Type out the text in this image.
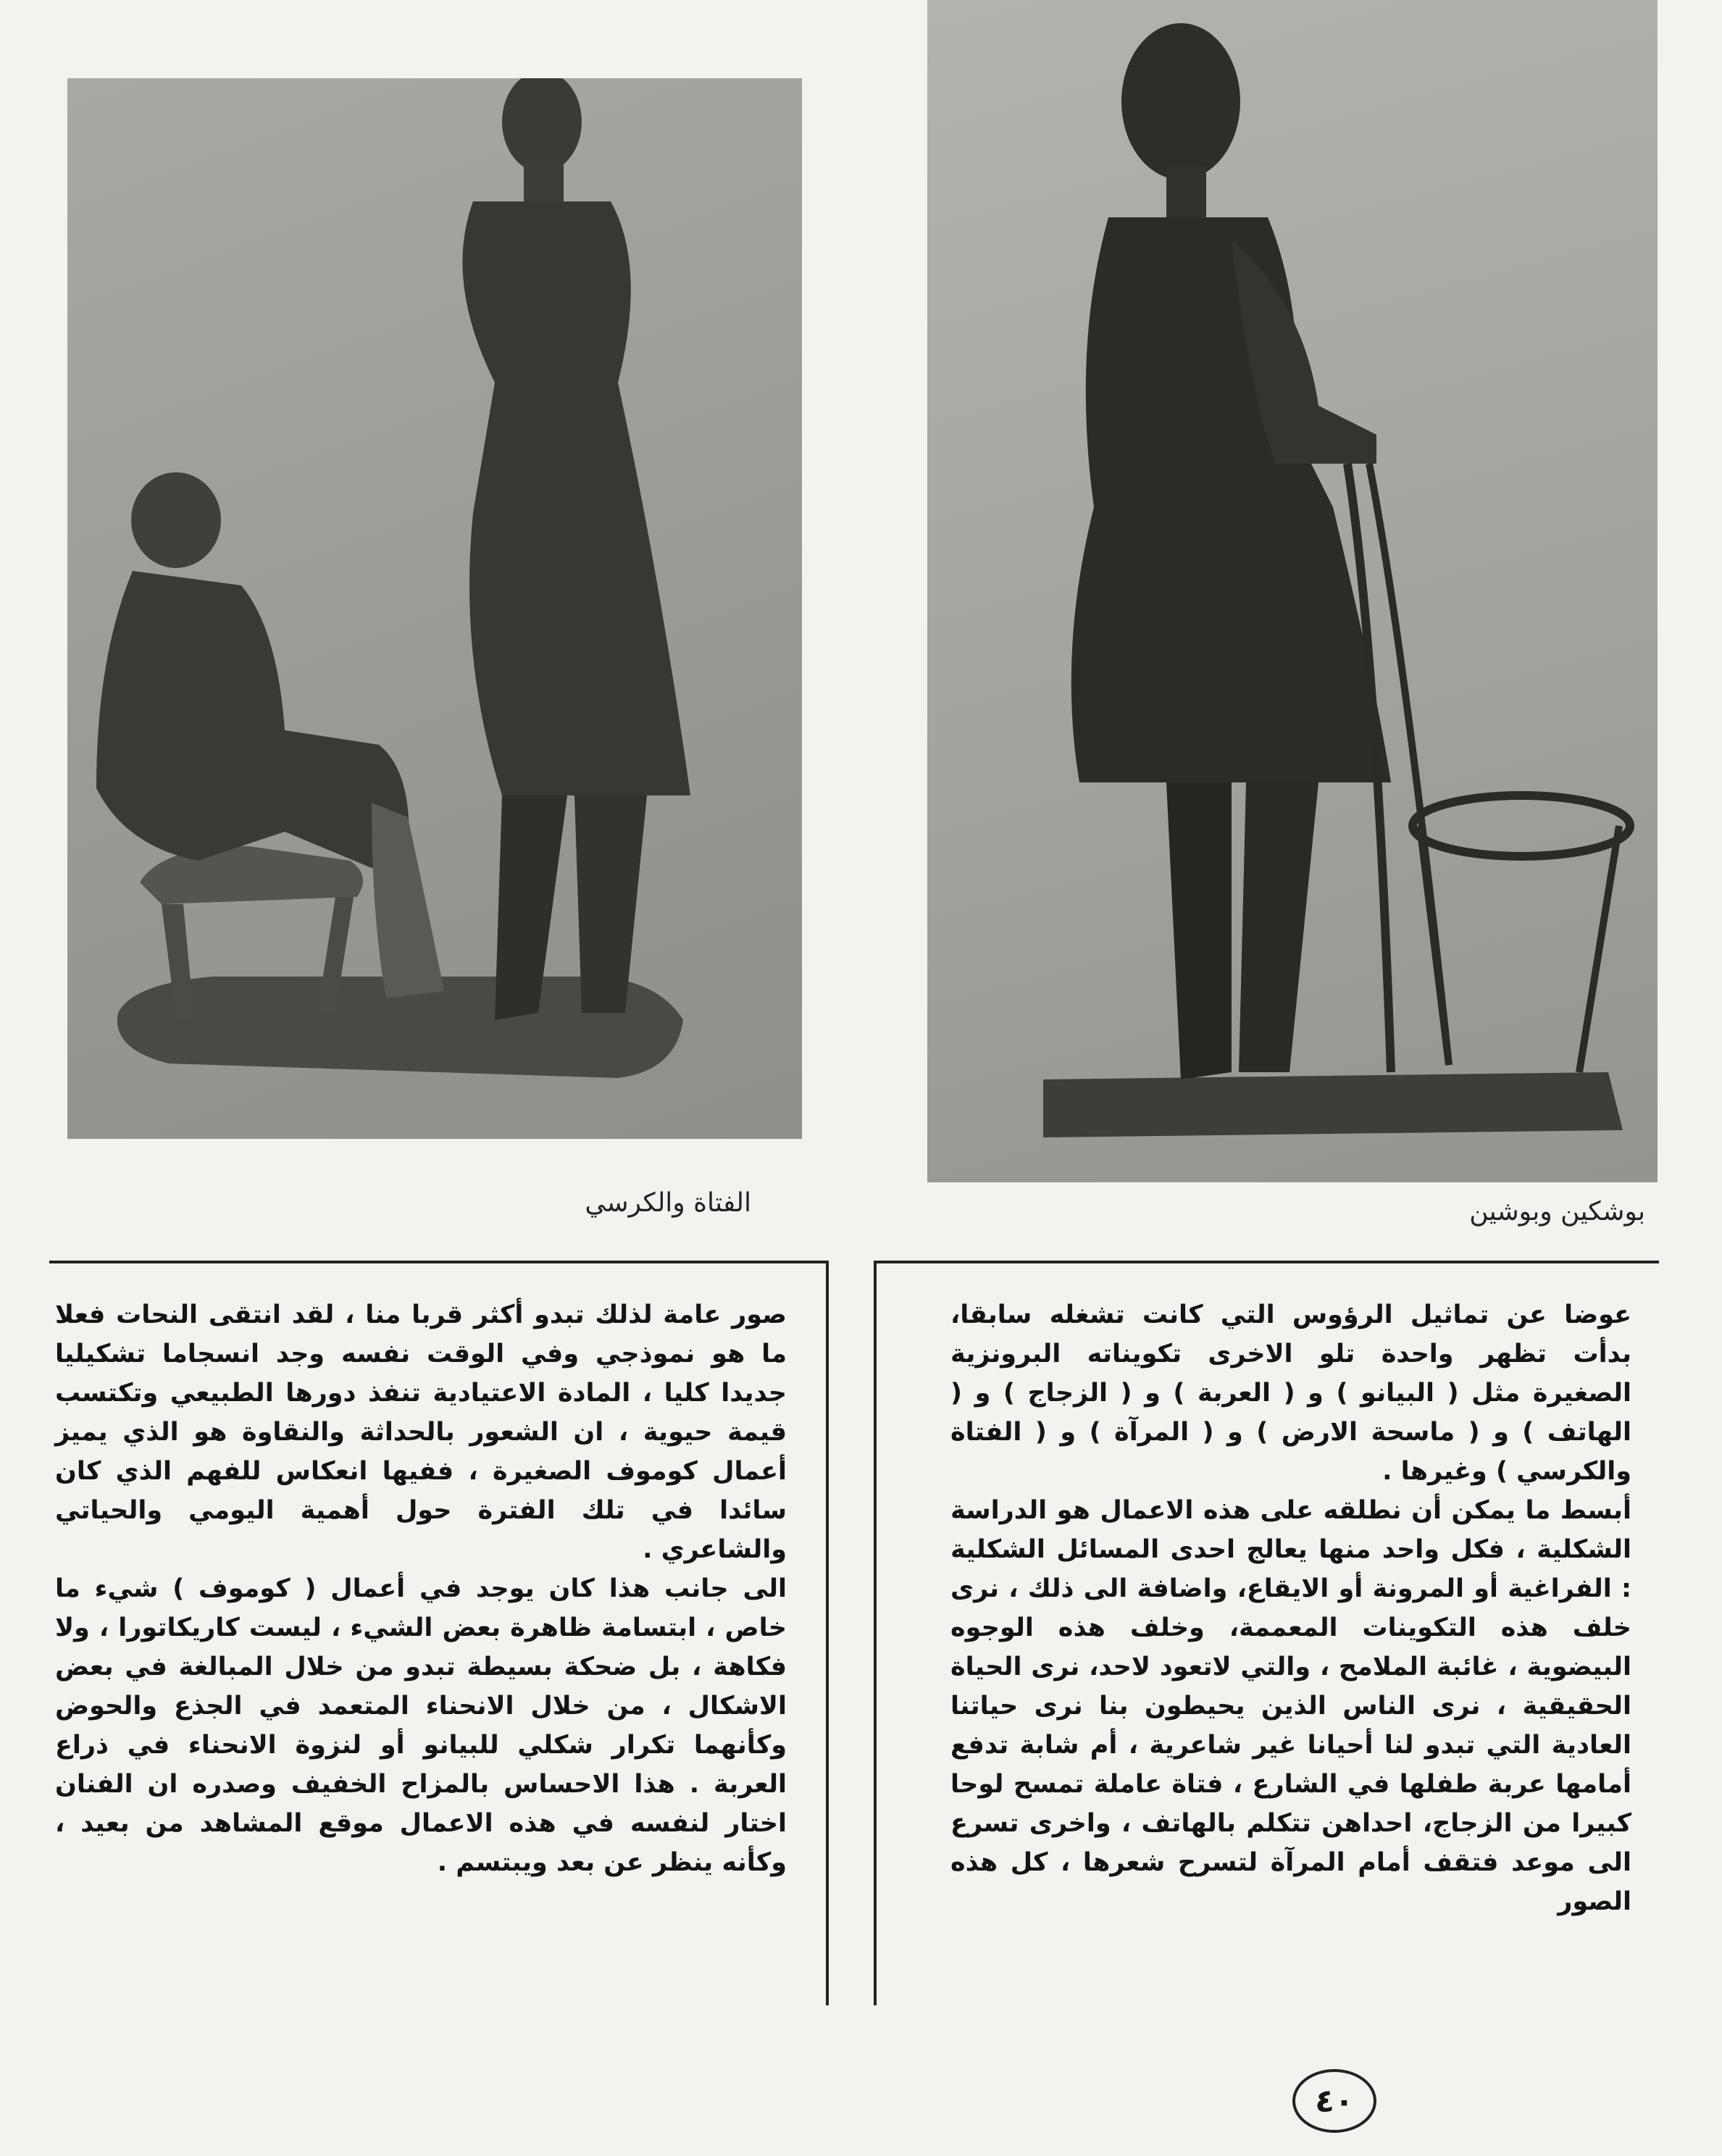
الفتاة والكرسي	بوشكين وبوشين

عوضا عن تماثيل الرؤوس التي كانت تشغله سابقا، بدأت تظهر واحدة تلو الاخرى تكويناته البرونزية الصغيرة مثل ( البيانو ) و ( العربة ) و ( الزجاج ) و ( الهاتف ) و ( ماسحة الارض ) و ( المرآة ) و ( الفتاة والكرسي ) وغيرها .

أبسط ما يمكن أن نطلقه على هذه الاعمال هو الدراسة الشكلية ، فكل واحد منها يعالج احدى المسائل الشكلية : الفراغية أو المرونة أو الايقاع، واضافة الى ذلك ، نرى خلف هذه التكوينات المعممة، وخلف هذه الوجوه البيضوية ، غائبة الملامح ، والتي لاتعود لاحد، نرى الحياة الحقيقية ، نرى الناس الذين يحيطون بنا نرى حياتنا العادية التي تبدو لنا أحيانا غير شاعرية ، أم شابة تدفع أمامها عربة طفلها في الشارع ، فتاة عاملة تمسح لوحا كبيرا من الزجاج، احداهن تتكلم بالهاتف ، واخرى تسرع الى موعد فتقف أمام المرآة لتسرح شعرها ، كل هذه الصور

صور عامة لذلك تبدو أكثر قربا منا ، لقد انتقى النحات فعلا ما هو نموذجي وفي الوقت نفسه وجد انسجاما تشكيليا جديدا كليا ، المادة الاعتيادية تنفذ دورها الطبيعي وتكتسب قيمة حيوية ، ان الشعور بالحداثة والنقاوة هو الذي يميز أعمال كوموف الصغيرة ، ففيها انعكاس للفهم الذي كان سائدا في تلك الفترة حول أهمية اليومي والحياتي والشاعري .

الى جانب هذا كان يوجد في أعمال ( كوموف ) شيء ما خاص ، ابتسامة ظاهرة بعض الشيء ، ليست كاريكاتورا ، ولا فكاهة ، بل ضحكة بسيطة تبدو من خلال المبالغة في بعض الاشكال ، من خلال الانحناء المتعمد في الجذع والحوض وكأنهما تكرار شكلي للبيانو أو لنزوة الانحناء في ذراع العربة . هذا الاحساس بالمزاح الخفيف وصدره ان الفنان اختار لنفسه في هذه الاعمال موقع المشاهد من بعيد ، وكأنه ينظر عن بعد ويبتسم .

٤٠
